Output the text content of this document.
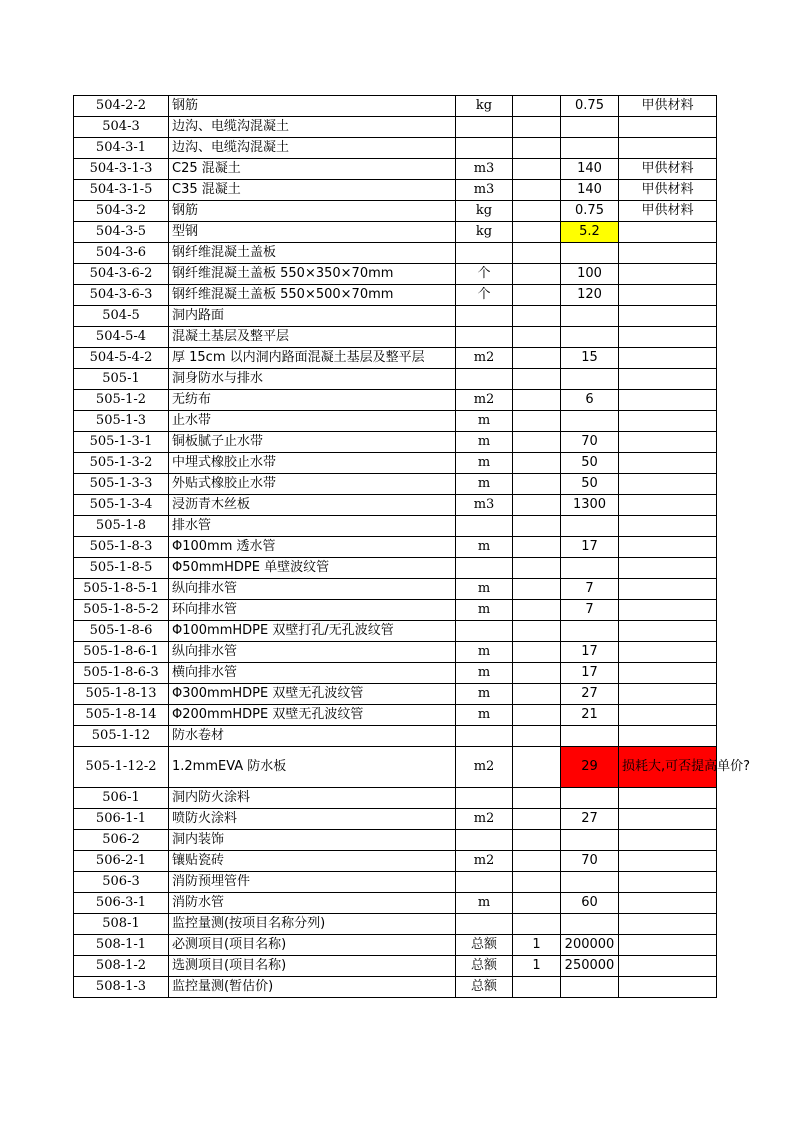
504-2-2	钢筋	kg		0.75	甲供材料
504-3	边沟、电缆沟混凝土				
504-3-1	边沟、电缆沟混凝土				
504-3-1-3	C25 混凝土	m3		140	甲供材料
504-3-1-5	C35 混凝土	m3		140	甲供材料
504-3-2	钢筋	kg		0.75	甲供材料
504-3-5	型钢	kg		5.2	
504-3-6	钢纤维混凝土盖板				
504-3-6-2	钢纤维混凝土盖板 550×350×70mm	个		100	
504-3-6-3	钢纤维混凝土盖板 550×500×70mm	个		120	
504-5	洞内路面				
504-5-4	混凝土基层及整平层				
504-5-4-2	厚 15cm 以内洞内路面混凝土基层及整平层	m2		15	
505-1	洞身防水与排水				
505-1-2	无纺布	m2		6	
505-1-3	止水带	m			
505-1-3-1	铜板腻子止水带	m		70	
505-1-3-2	中埋式橡胶止水带	m		50	
505-1-3-3	外贴式橡胶止水带	m		50	
505-1-3-4	浸沥青木丝板	m3		1300	
505-1-8	排水管				
505-1-8-3	Φ100mm 透水管	m		17	
505-1-8-5	Φ50mmHDPE 单壁波纹管				
505-1-8-5-1	纵向排水管	m		7	
505-1-8-5-2	环向排水管	m		7	
505-1-8-6	Φ100mmHDPE 双壁打孔/无孔波纹管				
505-1-8-6-1	纵向排水管	m		17	
505-1-8-6-3	横向排水管	m		17	
505-1-8-13	Φ300mmHDPE 双壁无孔波纹管	m		27	
505-1-8-14	Φ200mmHDPE 双壁无孔波纹管	m		21	
505-1-12	防水卷材				
505-1-12-2	1.2mmEVA 防水板	m2		29	损耗大,可否提高单价?
506-1	洞内防火涂料				
506-1-1	喷防火涂料	m2		27	
506-2	洞内装饰				
506-2-1	镶贴瓷砖	m2		70	
506-3	消防预埋管件				
506-3-1	消防水管	m		60	
508-1	监控量测(按项目名称分列)				
508-1-1	必测项目(项目名称)	总额	1	200000	
508-1-2	选测项目(项目名称)	总额	1	250000	
508-1-3	监控量测(暂估价)	总额			
